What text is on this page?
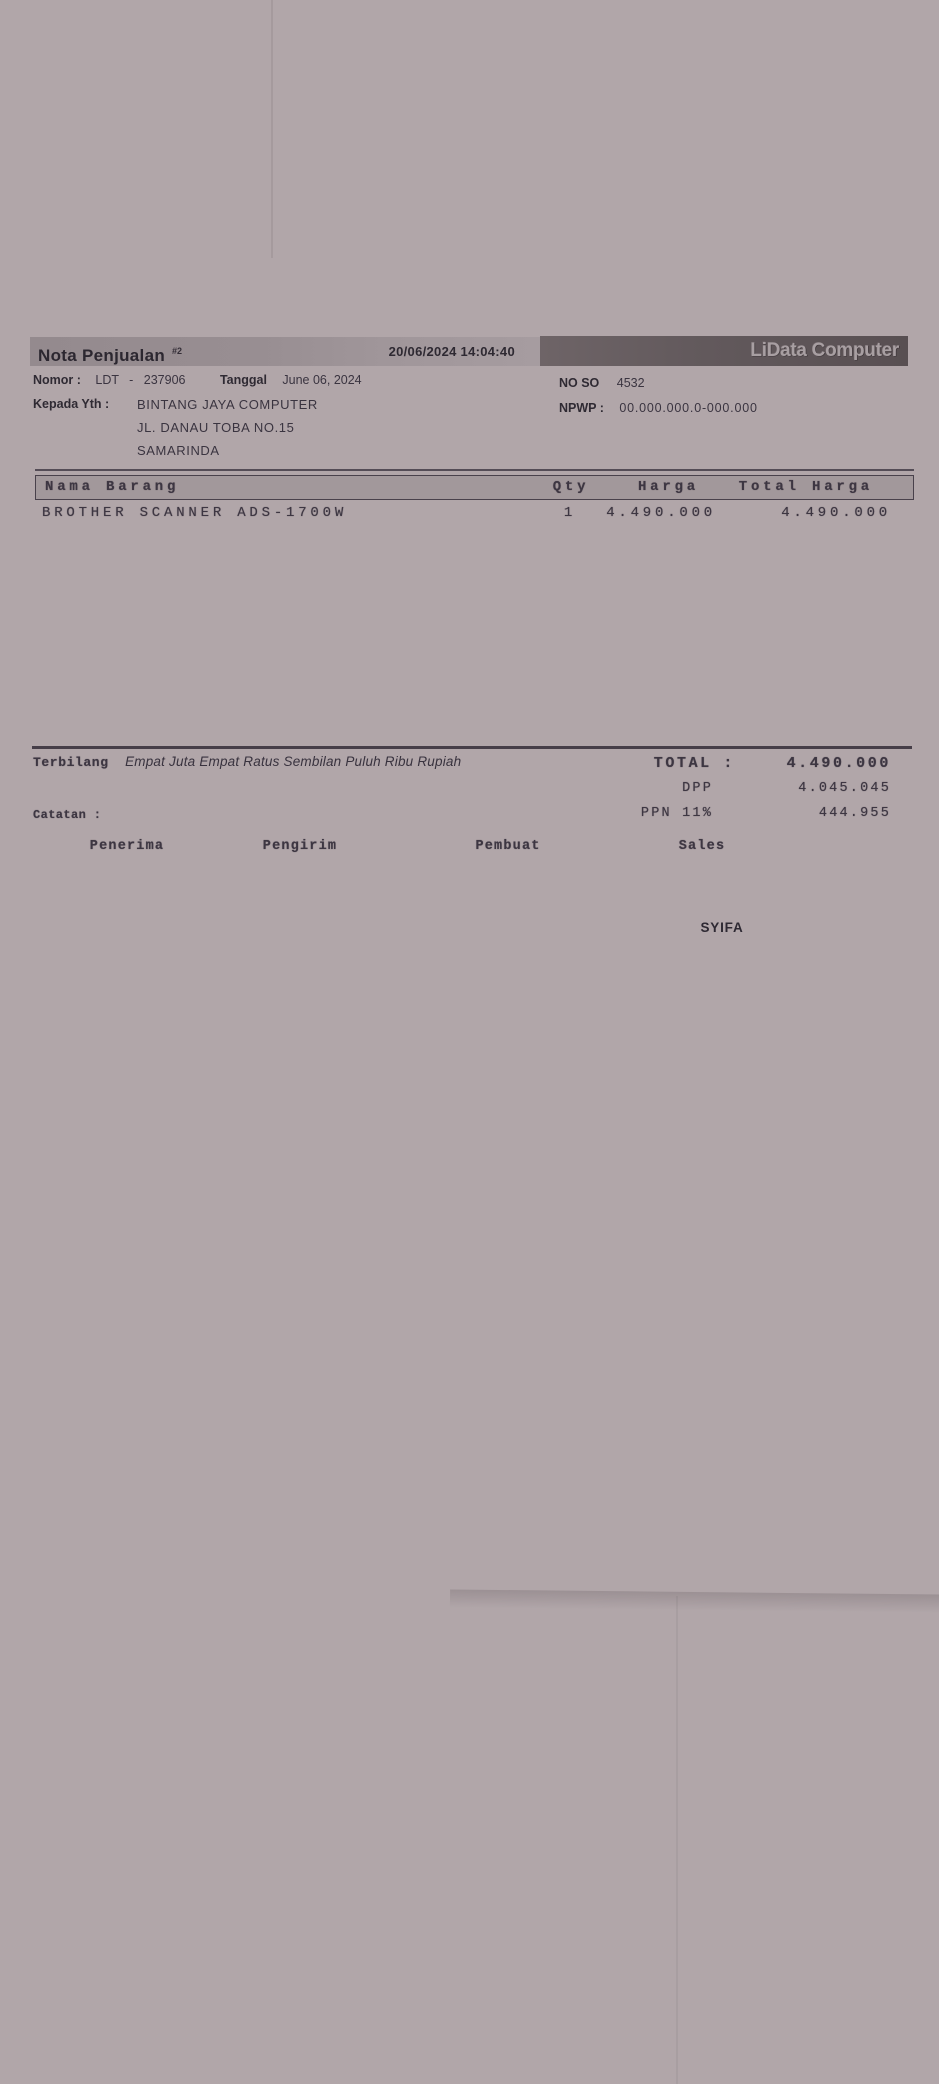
Nota Penjualan $^{\#2}$	20/06/2024 14:04:40	LiData Computer
Nomor : LDT   -   237906	Tanggal June 06, 2024	NO SO 4532
Kepada Yth : BINTANG JAYA COMPUTER
JL. DANAU TOBA NO.15
SAMARINDA
NPWP : 00.000.000.0-000.000
Nama Barang	Qty	Harga	Total Harga
BROTHER SCANNER ADS-1700W	1	4.490.000	4.490.000
Terbilang Empat Juta Empat Ratus Sembilan Puluh Ribu Rupiah	TOTAL :	4.490.000
DPP	4.045.045
PPN 11%	444.955
Catatan :
Penerima	Pengirim	Pembuat	Sales
SYIFA
